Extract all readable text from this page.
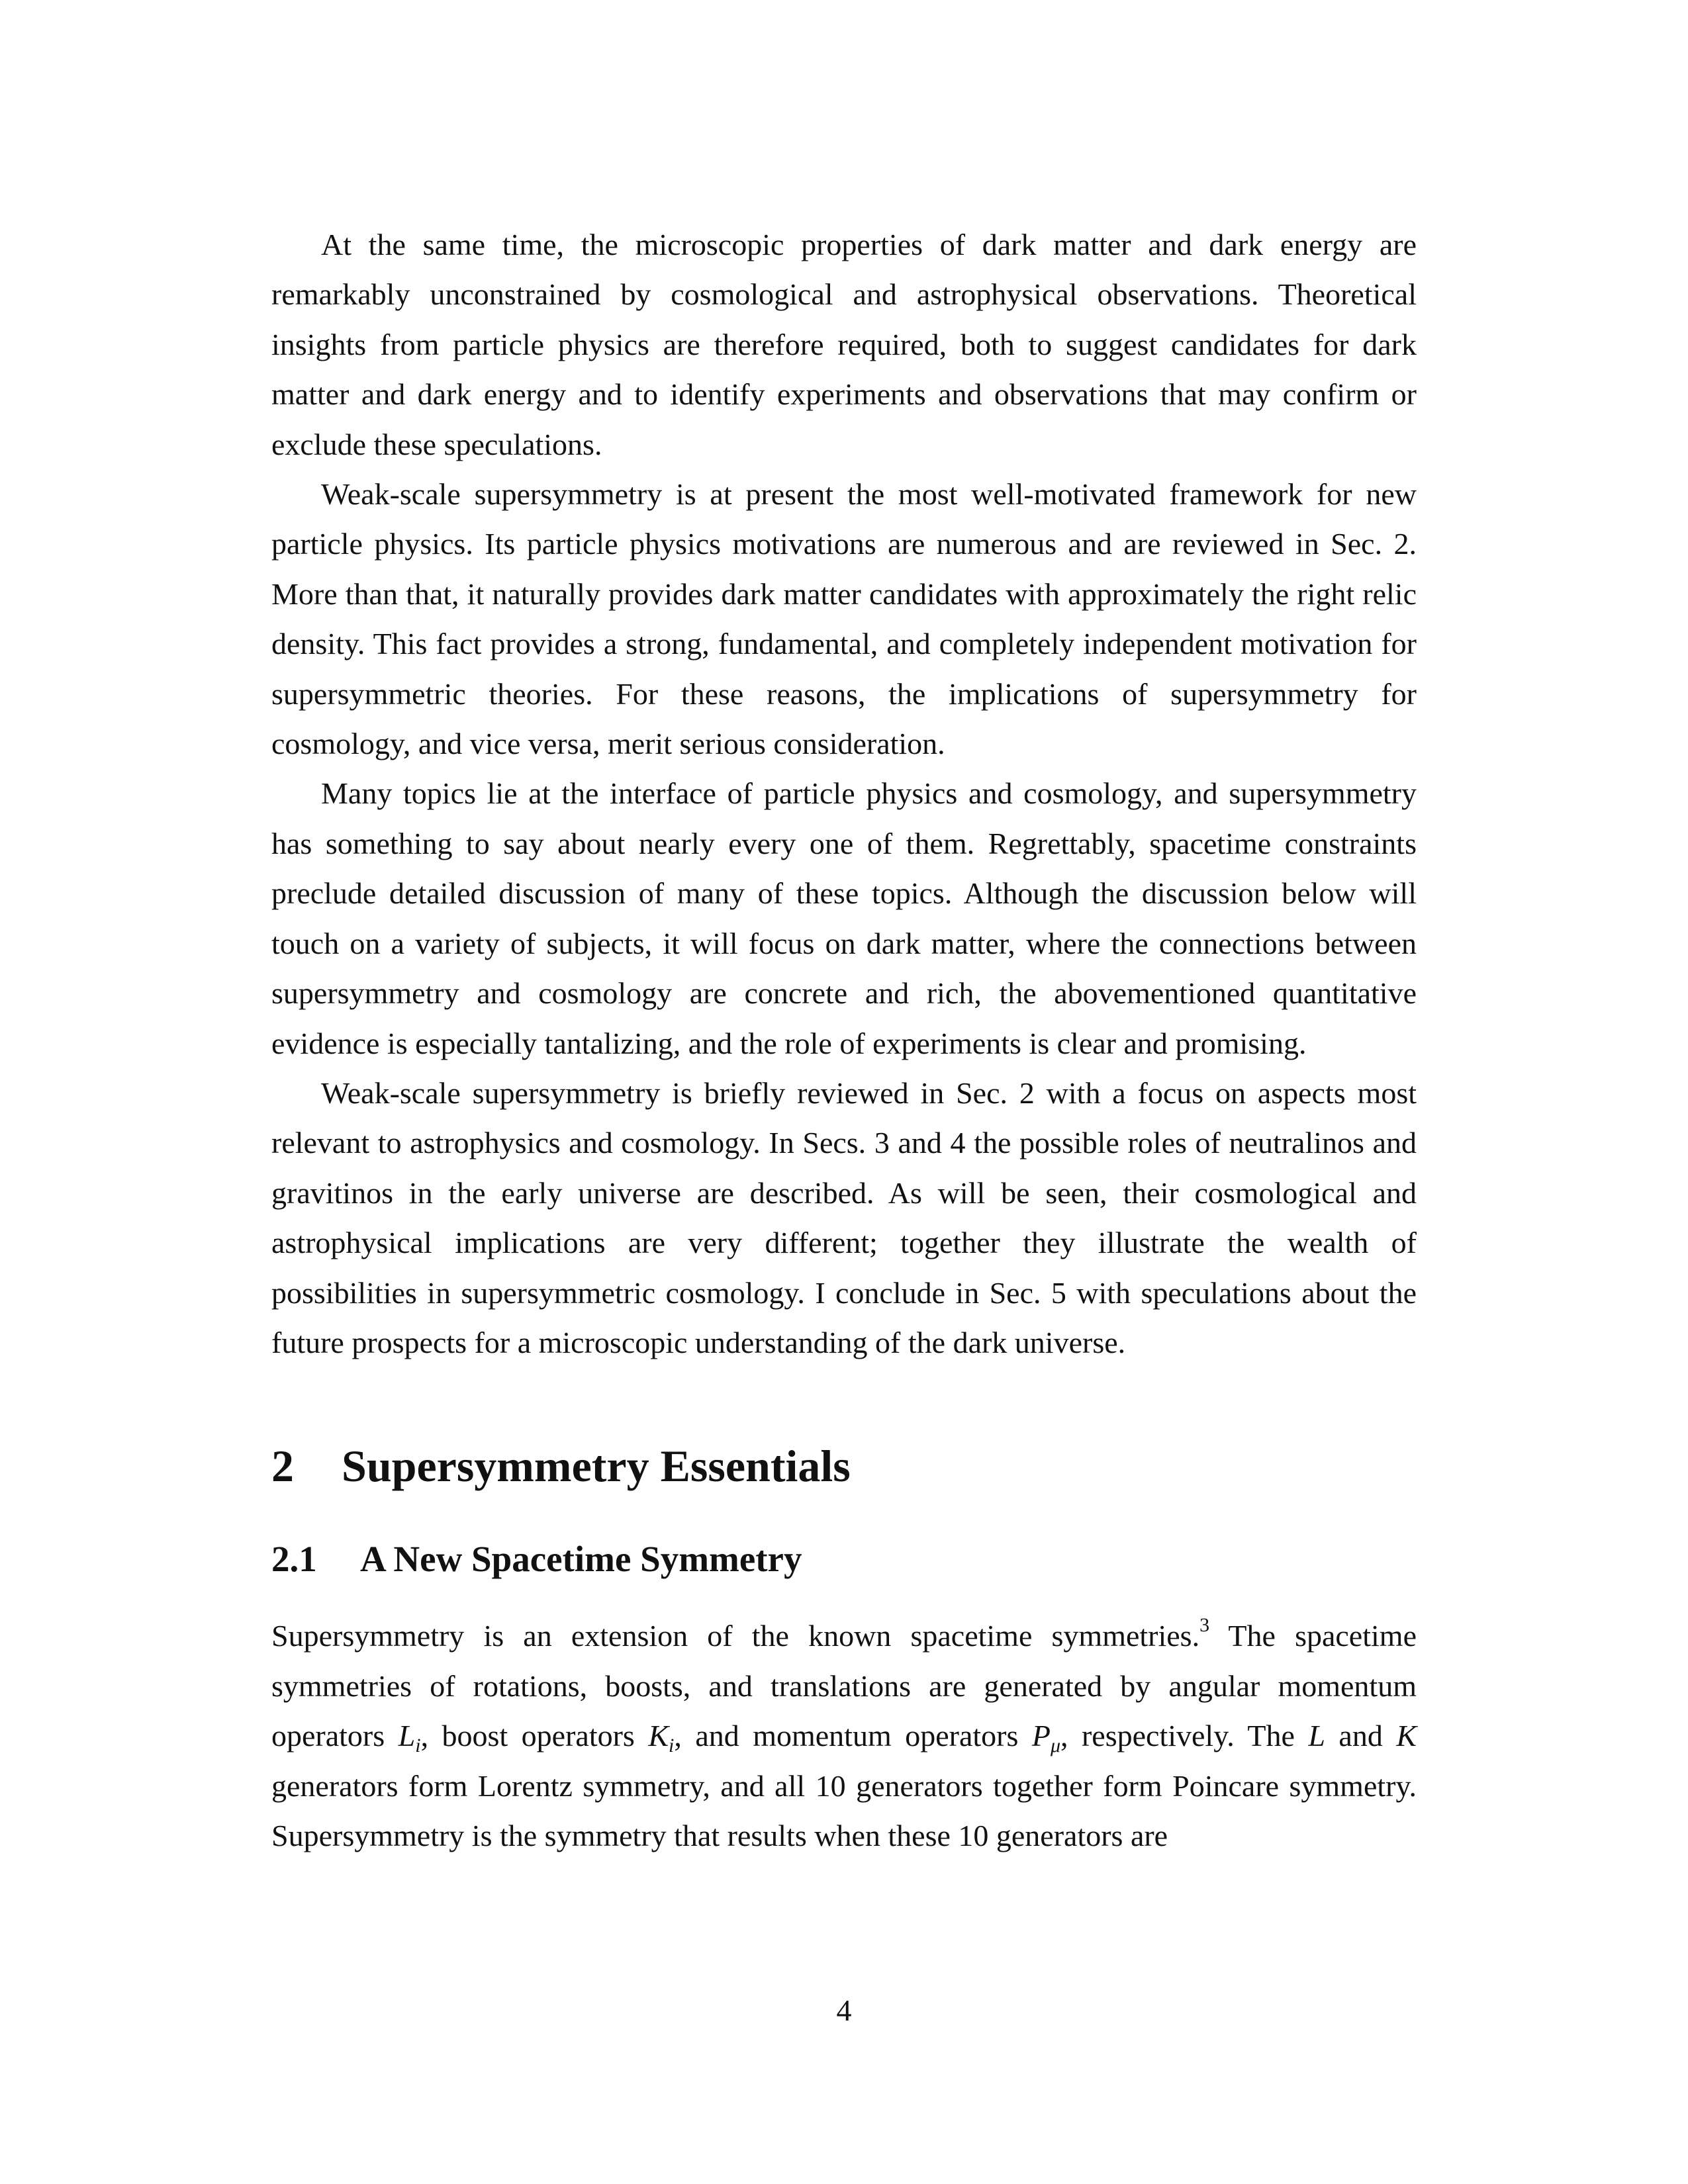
At the same time, the microscopic properties of dark matter and dark energy are remarkably unconstrained by cosmological and astrophysical observations. Theoretical insights from particle physics are therefore required, both to suggest candidates for dark matter and dark energy and to identify experiments and observations that may confirm or exclude these speculations.

Weak-scale supersymmetry is at present the most well-motivated framework for new particle physics. Its particle physics motivations are numerous and are reviewed in Sec. 2. More than that, it naturally provides dark matter candidates with approximately the right relic density. This fact provides a strong, fundamental, and completely independent motivation for supersymmetric theories. For these reasons, the implications of supersymmetry for cosmology, and vice versa, merit serious consideration.

Many topics lie at the interface of particle physics and cosmology, and supersymmetry has something to say about nearly every one of them. Regrettably, spacetime constraints preclude detailed discussion of many of these topics. Although the discussion below will touch on a variety of subjects, it will focus on dark matter, where the connections between supersymmetry and cosmology are concrete and rich, the abovementioned quantitative evidence is especially tantalizing, and the role of experiments is clear and promising.

Weak-scale supersymmetry is briefly reviewed in Sec. 2 with a focus on aspects most relevant to astrophysics and cosmology. In Secs. 3 and 4 the possible roles of neutralinos and gravitinos in the early universe are described. As will be seen, their cosmological and astrophysical implications are very different; together they illustrate the wealth of possibilities in supersymmetric cosmology. I conclude in Sec. 5 with speculations about the future prospects for a microscopic understanding of the dark universe.

2 Supersymmetry Essentials
2.1 A New Spacetime Symmetry

Supersymmetry is an extension of the known spacetime symmetries.$^3$ The spacetime symmetries of rotations, boosts, and translations are generated by angular momentum operators $L_i$, boost operators $K_i$, and momentum operators $P_\mu$, respectively. The L and K generators form Lorentz symmetry, and all 10 generators together form Poincare symmetry. Supersymmetry is the symmetry that results when these 10 generators are

4
